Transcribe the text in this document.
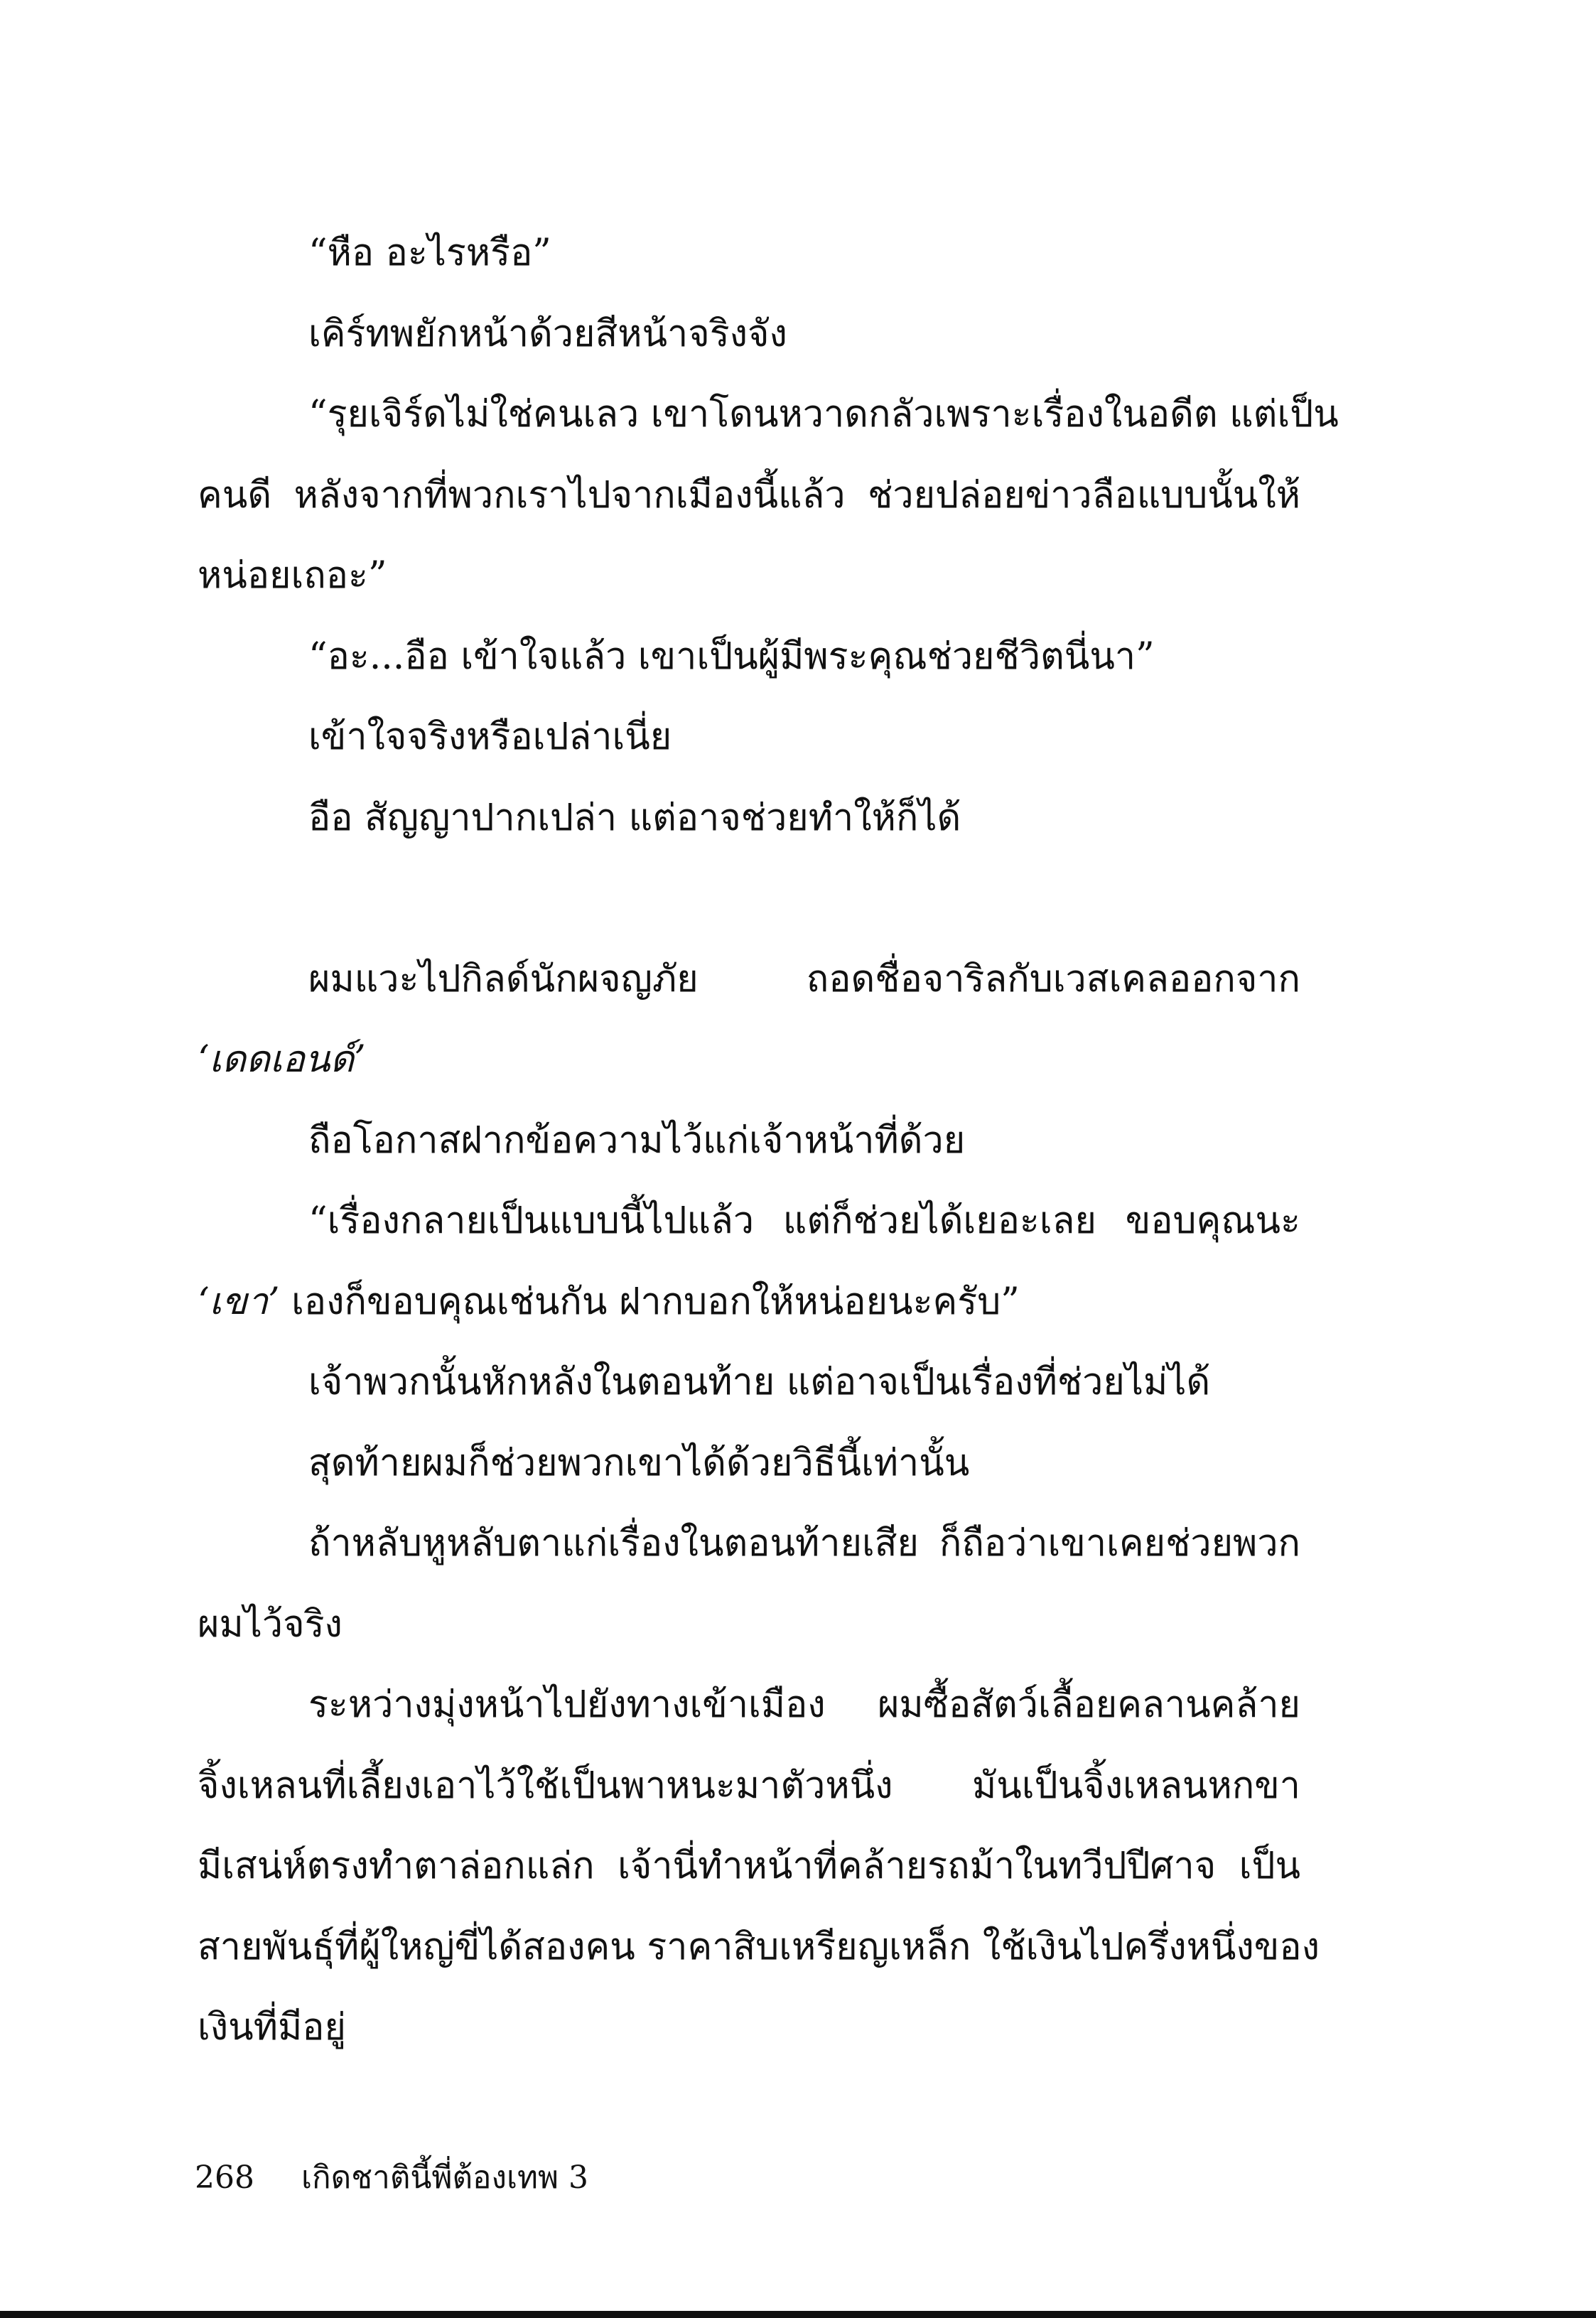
“หือ อะไรหรือ”
เคิร์ทพยักหน้าด้วยสีหน้าจริงจัง
“รุยเจิร์ดไม่ใช่คนเลว เขาโดนหวาดกลัวเพราะเรื่องในอดีต แต่เป็น
คนดี หลังจากที่พวกเราไปจากเมืองนี้แล้ว ช่วยปล่อยข่าวลือแบบนั้นให้
หน่อยเถอะ”
“อะ...อือ เข้าใจแล้ว เขาเป็นผู้มีพระคุณช่วยชีวิตนี่นา”
เข้าใจจริงหรือเปล่าเนี่ย
อือ สัญญาปากเปล่า แต่อาจช่วยทำให้ก็ได้
ผมแวะไปกิลด์นักผจญภัย ถอดชื่อจาริลกับเวสเคลออกจาก
‘เดดเอนด์’
ถือโอกาสฝากข้อความไว้แก่เจ้าหน้าที่ด้วย
“เรื่องกลายเป็นแบบนี้ไปแล้ว แต่ก็ช่วยได้เยอะเลย ขอบคุณนะ
‘เขา’ เองก็ขอบคุณเช่นกัน ฝากบอกให้หน่อยนะครับ”
เจ้าพวกนั้นหักหลังในตอนท้าย แต่อาจเป็นเรื่องที่ช่วยไม่ได้
สุดท้ายผมก็ช่วยพวกเขาได้ด้วยวิธีนี้เท่านั้น
ถ้าหลับหูหลับตาแก่เรื่องในตอนท้ายเสีย ก็ถือว่าเขาเคยช่วยพวก
ผมไว้จริง
ระหว่างมุ่งหน้าไปยังทางเข้าเมือง ผมซื้อสัตว์เลื้อยคลานคล้าย
จิ้งเหลนที่เลี้ยงเอาไว้ใช้เป็นพาหนะมาตัวหนึ่ง มันเป็นจิ้งเหลนหกขา
มีเสน่ห์ตรงทำตาล่อกแล่ก เจ้านี่ทำหน้าที่คล้ายรถม้าในทวีปปีศาจ เป็น
สายพันธุ์ที่ผู้ใหญ่ขี่ได้สองคน ราคาสิบเหรียญเหล็ก ใช้เงินไปครึ่งหนึ่งของ
เงินที่มีอยู่
268 เกิดชาตินี้พี่ต้องเทพ 3
